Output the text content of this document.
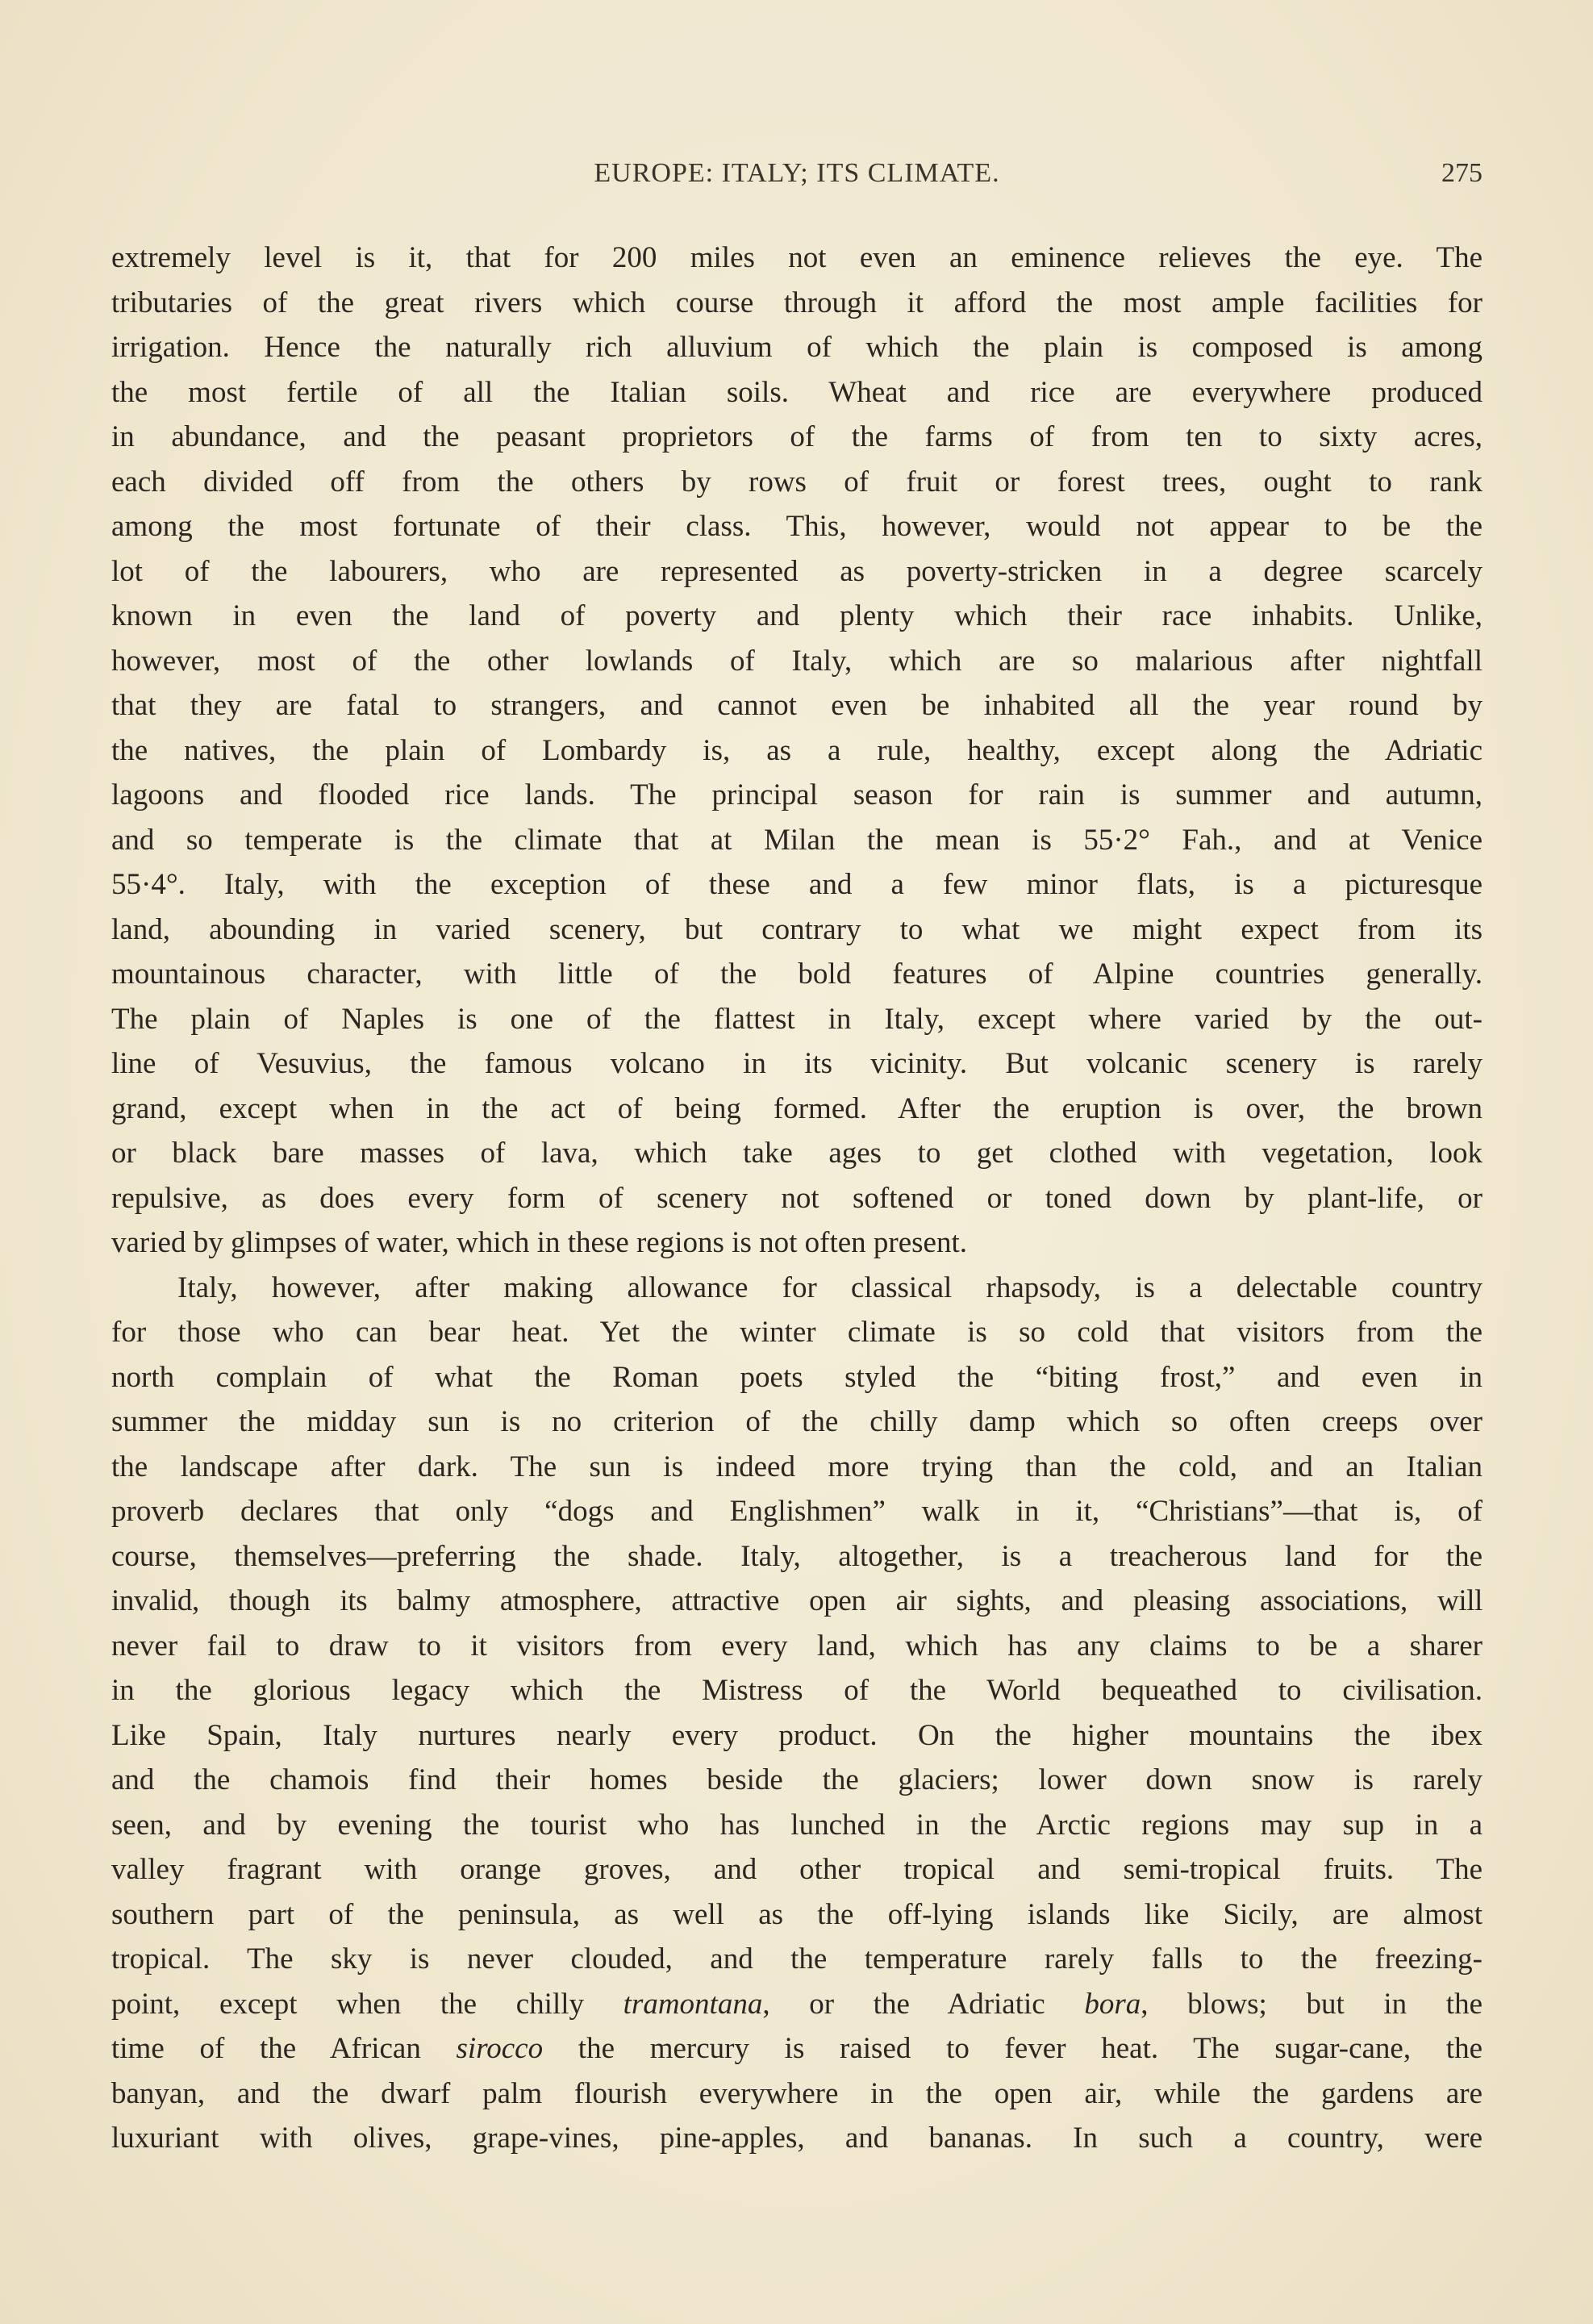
EUROPE: ITALY; ITS CLIMATE.	275
extremely level is it, that for 200 miles not even an eminence relieves the eye. The
tributaries of the great rivers which course through it afford the most ample facilities for
irrigation. Hence the naturally rich alluvium of which the plain is composed is among
the most fertile of all the Italian soils. Wheat and rice are everywhere produced
in abundance, and the peasant proprietors of the farms of from ten to sixty acres,
each divided off from the others by rows of fruit or forest trees, ought to rank
among the most fortunate of their class. This, however, would not appear to be the
lot of the labourers, who are represented as poverty-stricken in a degree scarcely
known in even the land of poverty and plenty which their race inhabits. Unlike,
however, most of the other lowlands of Italy, which are so malarious after nightfall
that they are fatal to strangers, and cannot even be inhabited all the year round by
the natives, the plain of Lombardy is, as a rule, healthy, except along the Adriatic
lagoons and flooded rice lands. The principal season for rain is summer and autumn,
and so temperate is the climate that at Milan the mean is 55·2° Fah., and at Venice
55·4°. Italy, with the exception of these and a few minor flats, is a picturesque
land, abounding in varied scenery, but contrary to what we might expect from its
mountainous character, with little of the bold features of Alpine countries generally.
The plain of Naples is one of the flattest in Italy, except where varied by the out-
line of Vesuvius, the famous volcano in its vicinity. But volcanic scenery is rarely
grand, except when in the act of being formed. After the eruption is over, the brown
or black bare masses of lava, which take ages to get clothed with vegetation, look
repulsive, as does every form of scenery not softened or toned down by plant-life, or
varied by glimpses of water, which in these regions is not often present.
Italy, however, after making allowance for classical rhapsody, is a delectable country
for those who can bear heat. Yet the winter climate is so cold that visitors from the
north complain of what the Roman poets styled the “biting frost,” and even in
summer the midday sun is no criterion of the chilly damp which so often creeps over
the landscape after dark. The sun is indeed more trying than the cold, and an Italian
proverb declares that only “dogs and Englishmen” walk in it, “Christians”—that is, of
course, themselves—preferring the shade. Italy, altogether, is a treacherous land for the
invalid, though its balmy atmosphere, attractive open air sights, and pleasing associations, will
never fail to draw to it visitors from every land, which has any claims to be a sharer
in the glorious legacy which the Mistress of the World bequeathed to civilisation.
Like Spain, Italy nurtures nearly every product. On the higher mountains the ibex
and the chamois find their homes beside the glaciers; lower down snow is rarely
seen, and by evening the tourist who has lunched in the Arctic regions may sup in a
valley fragrant with orange groves, and other tropical and semi-tropical fruits. The
southern part of the peninsula, as well as the off-lying islands like Sicily, are almost
tropical. The sky is never clouded, and the temperature rarely falls to the freezing-
point, except when the chilly tramontana, or the Adriatic bora, blows; but in the
time of the African sirocco the mercury is raised to fever heat. The sugar-cane, the
banyan, and the dwarf palm flourish everywhere in the open air, while the gardens are
luxuriant with olives, grape-vines, pine-apples, and bananas. In such a country, were
